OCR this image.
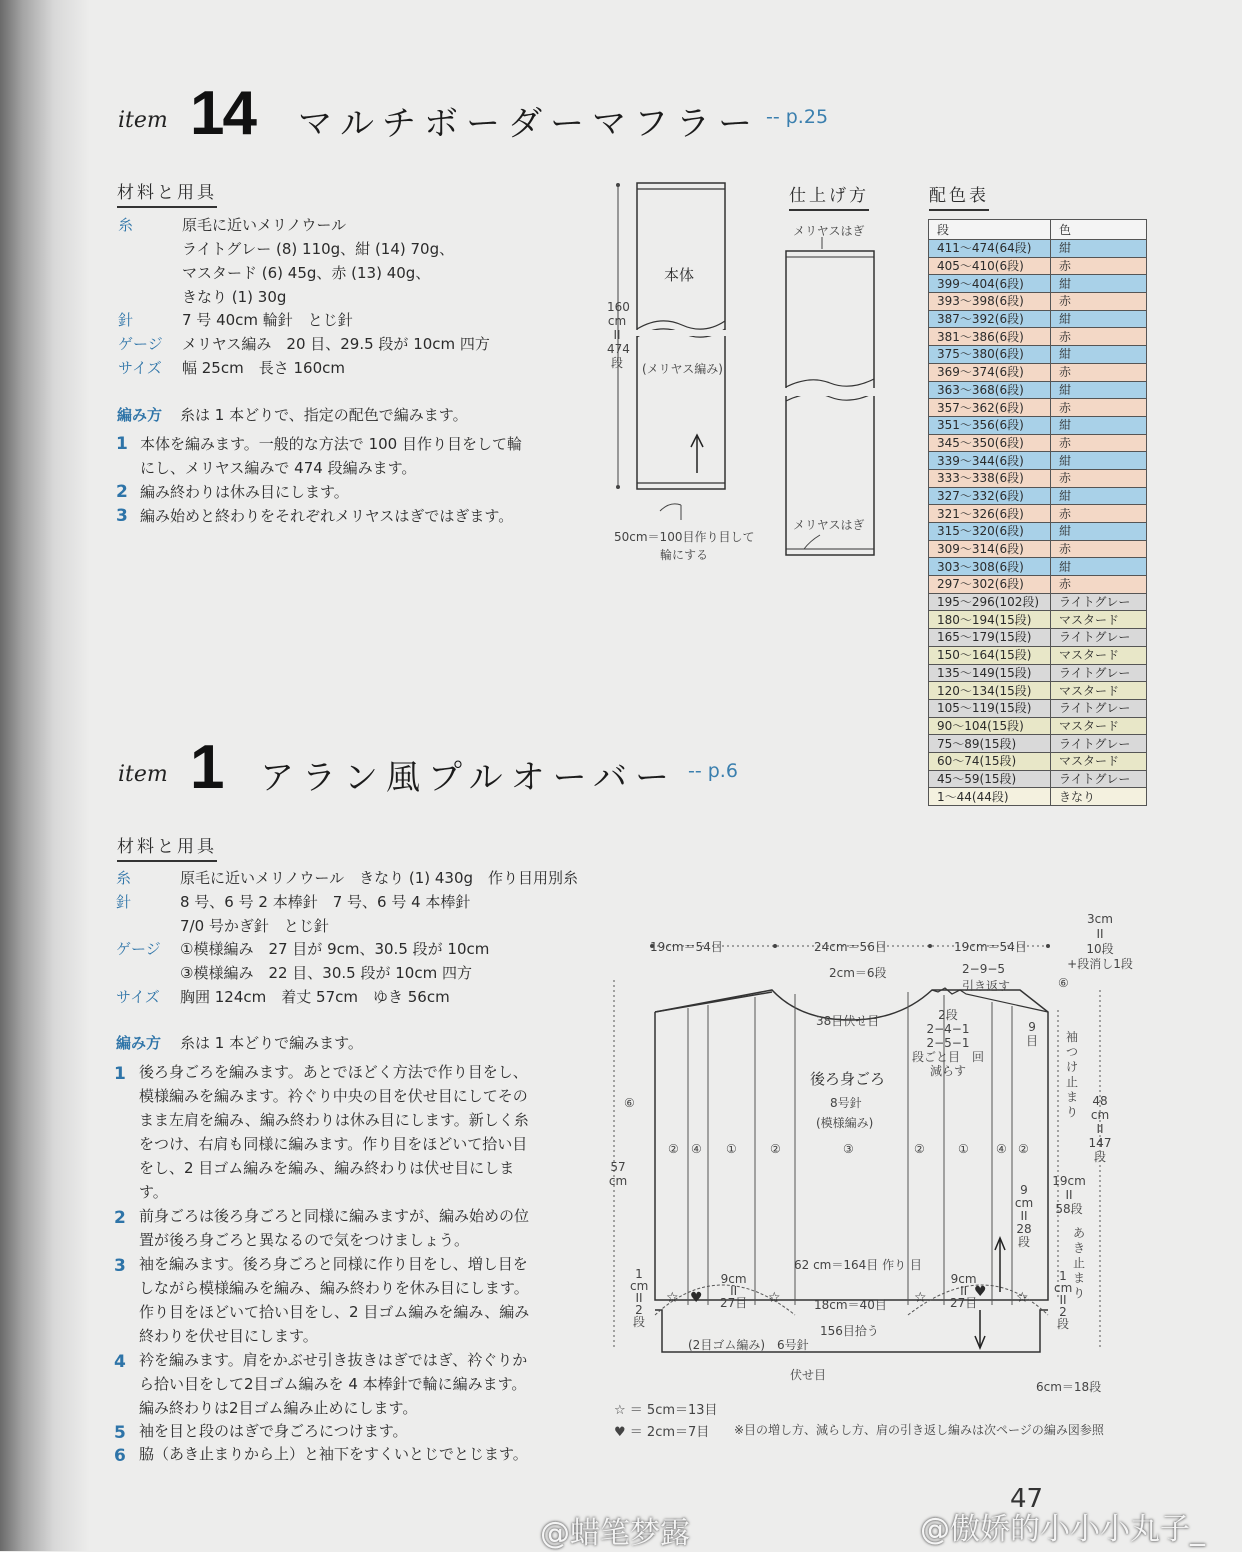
item 14 マルチボーダーマフラー -- p.25
材料と用具
糸	原毛に近いメリノウール
ライトグレー (8) 110g、紺 (14) 70g、
マスタード (6) 45g、赤 (13) 40g、
きなり (1) 30g
針	7 号 40cm 輪針　とじ針
ゲージ メリヤス編み　20 目、29.5 段が 10cm 四方
サイズ 幅 25cm　長さ 160cm
編み方 糸は 1 本どりで、指定の配色で編みます。
1 本体を編みます。一般的な方法で 100 目作り目をして輪にし、メリヤス編みで 474 段編みます。
2 編み終わりは休み目にします。
3 編み始めと終わりをそれぞれメリヤスはぎではぎます。
本体
(メリヤス編み)
160
cm
II
474
段
50cm＝100目作り目して
輪にする
仕上げ方
メリヤスはぎ
メリヤスはぎ
配色表
段	色
411〜474(64段)	紺
405〜410(6段)	赤
399〜404(6段)	紺
393〜398(6段)	赤
387〜392(6段)	紺
381〜386(6段)	赤
375〜380(6段)	紺
369〜374(6段)	赤
363〜368(6段)	紺
357〜362(6段)	赤
351〜356(6段)	紺
345〜350(6段)	赤
339〜344(6段)	紺
333〜338(6段)	赤
327〜332(6段)	紺
321〜326(6段)	赤
315〜320(6段)	紺
309〜314(6段)	赤
303〜308(6段)	紺
297〜302(6段)	赤
195〜296(102段)	ライトグレー
180〜194(15段)	マスタード
165〜179(15段)	ライトグレー
150〜164(15段)	マスタード
135〜149(15段)	ライトグレー
120〜134(15段)	マスタード
105〜119(15段)	ライトグレー
90〜104(15段)	マスタード
75〜89(15段)	ライトグレー
60〜74(15段)	マスタード
45〜59(15段)	ライトグレー
1〜44(44段)	きなり
item 1 アラン風プルオーバー -- p.6
材料と用具
糸	原毛に近いメリノウール　きなり (1) 430g　作り目用別糸
針	8 号、6 号 2 本棒針　7 号、6 号 4 本棒針
7/0 号かぎ針　とじ針
ゲージ ①模様編み　27 目が 9cm、30.5 段が 10cm
③模様編み　22 目、30.5 段が 10cm 四方
サイズ 胸囲 124cm　着丈 57cm　ゆき 56cm
編み方 糸は 1 本どりで編みます。
1 後ろ身ごろを編みます。あとでほどく方法で作り目をし、模様編みを編みます。衿ぐり中央の目を伏せ目にしてそのまま左肩を編み、編み終わりは休み目にします。新しく糸をつけ、右肩も同様に編みます。作り目をほどいて拾い目をし、2 目ゴム編みを編み、編み終わりは伏せ目にします。
2 前身ごろは後ろ身ごろと同様に編みますが、編み始めの位置が後ろ身ごろと異なるので気をつけましょう。
3 袖を編みます。後ろ身ごろと同様に作り目をし、増し目をしながら模様編みを編み、編み終わりを休み目にします。作り目をほどいて拾い目をし、2 目ゴム編みを編み、編み終わりを伏せ目にします。
4 衿を編みます。肩をかぶせ引き抜きはぎではぎ、衿ぐりから拾い目をして2目ゴム編みを 4 本棒針で輪に編みます。編み終わりは2目ゴム編み止めにします。
5 袖を目と段のはぎで身ごろにつけます。
6 脇（あき止まりから上）と袖下をすくいとじでとじます。
19cm＝54目	24cm＝56目	19cm＝54目
2cm＝6段	2−9−5
引き返す
3cm
II
10段
+段消し1段
⑥
38目伏せ目	2段
2−4−1
2−5−1
段ごと目　回
減らす
9
目 袖つけ止まり
48
cm
II
147
段
後ろ身ごろ
8号針
(模様編み)
⑥
57
cm
② ④ ①	②	③	②	① ④ ②
19cm
II
58段
9
cm
II
28
段
あき止まり
62 cm＝164目 作り 目
9cm
II
27目
9cm
II
27目
18cm＝40目
☆ ♥	☆	☆	♥ ☆
1
cm
II
2
段
1
cm
II
2
段
156目拾う
(2目ゴム編み)　6号針
伏せ目
6cm＝18段
☆ ＝ 5cm＝13目
♥ ＝ 2cm＝7目 ※目の増し方、減らし方、肩の引き返し編みは次ページの編み図参照
47
@蜡笔梦露	@傲娇的小小小丸子_
